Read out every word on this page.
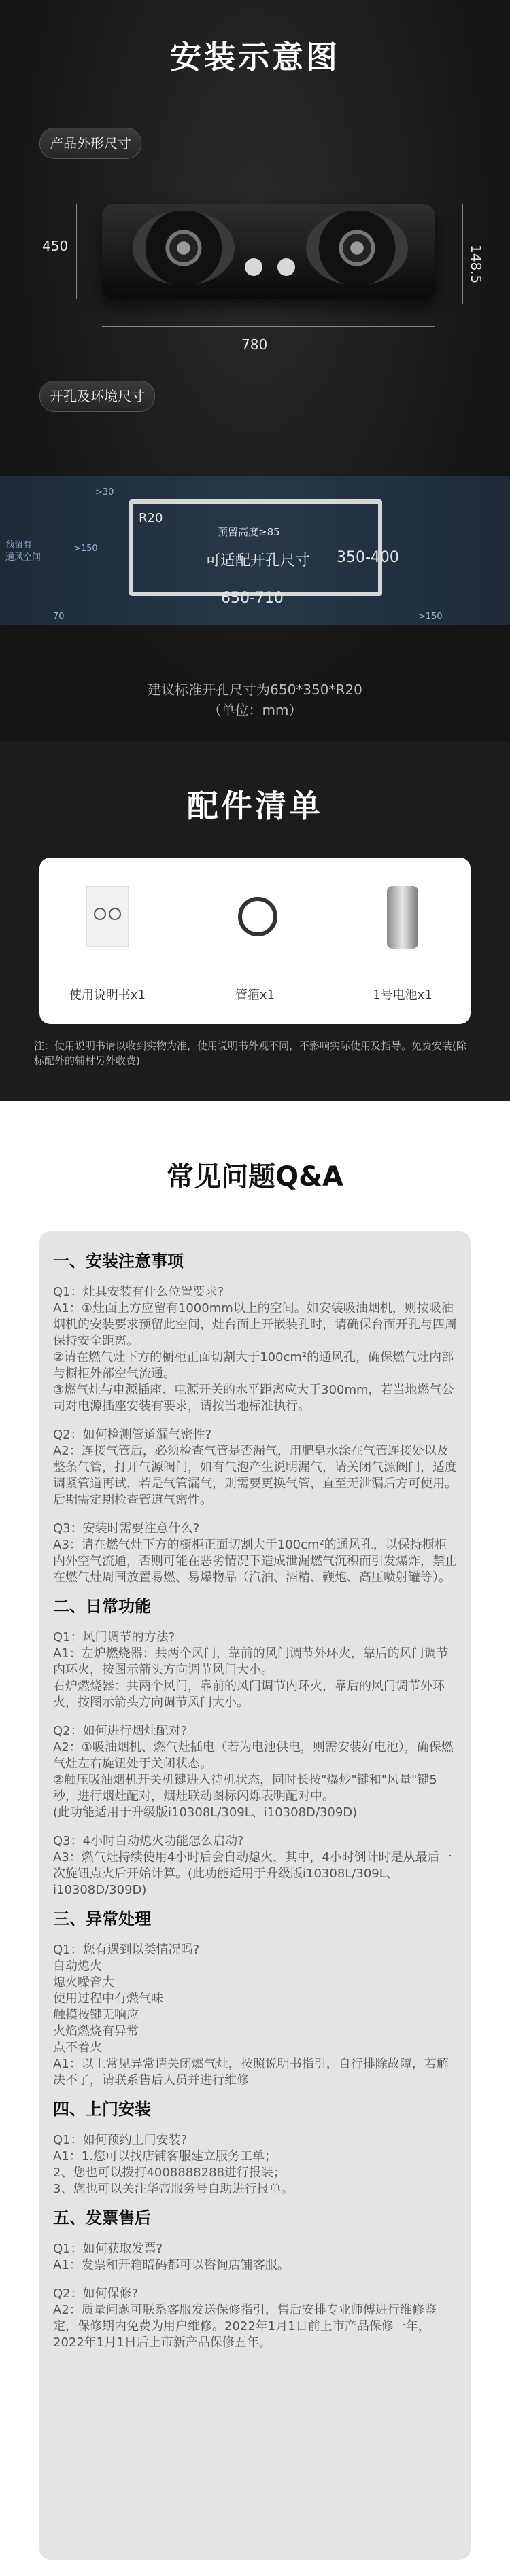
安装示意图
产品外形尺寸
450	148.5
780
开孔及环境尺寸
>30
>150
70
预留有
通风空间
R20
预留高度≥85
可适配开孔尺寸 350-400
650-710
>150
建议标准开孔尺寸为650*350*R20
（单位：mm）
配件清单
使用说明书x1	管箍x1	1号电池x1
注：使用说明书请以收到实物为准，使用说明书外观不同，不影响实际使用及指导。免费安装(除标配外的辅材另外收费)
常见问题Q&A
一、安装注意事项
Q1：灶具安装有什么位置要求?
A1：①灶面上方应留有1000mm以上的空间。如安装吸油烟机，则按吸油烟机的安装要求预留此空间，灶台面上开嵌装孔时，请确保台面开孔与四周保持安全距离。
②请在燃气灶下方的橱柜正面切割大于100cm²的通风孔，确保燃气灶内部与橱柜外部空气流通。
③燃气灶与电源插座、电源开关的水平距离应大于300mm，若当地燃气公司对电源插座安装有要求，请按当地标准执行。
Q2：如何检测管道漏气密性?
A2：连接气管后，必须检查气管是否漏气，用肥皂水涂在气管连接处以及整条气管，打开气源阀门，如有气泡产生说明漏气，请关闭气源阀门，适度调紧管道再试，若是气管漏气，则需要更换气管，直至无泄漏后方可使用。后期需定期检查管道气密性。
Q3：安装时需要注意什么?
A3：请在燃气灶下方的橱柜正面切割大于100cm²的通风孔，以保持橱柜内外空气流通，否则可能在恶劣情况下造成泄漏燃气沉积而引发爆炸，禁止在燃气灶周围放置易燃、易爆物品（汽油、酒精、鞭炮、高压喷射罐等）。
二、日常功能
Q1：风门调节的方法?
A1：左炉燃烧器：共两个风门，靠前的风门调节外环火，靠后的风门调节内环火，按图示箭头方向调节风门大小。
右炉燃烧器：共两个风门，靠前的风门调节内环火，靠后的风门调节外环火，按图示箭头方向调节风门大小。
Q2：如何进行烟灶配对?
A2：①吸油烟机、燃气灶插电（若为电池供电，则需安装好电池），确保燃气灶左右旋钮处于关闭状态。
②触压吸油烟机开关机键进入待机状态，同时长按"爆炒"键和"风量"键5秒，进行烟灶配对，烟灶联动图标闪烁表明配对中。
(此功能适用于升级版i10308L/309L、i10308D/309D)
Q3：4小时自动熄火功能怎么启动?
A3：燃气灶持续使用4小时后会自动熄火，其中，4小时倒计时是从最后一次旋钮点火后开始计算。(此功能适用于升级版i10308L/309L、i10308D/309D)
三、异常处理
Q1：您有遇到以类情况吗?
自动熄火
熄火噪音大
使用过程中有燃气味
触摸按键无响应
火焰燃烧有异常
点不着火
A1：以上常见异常请关闭燃气灶，按照说明书指引，自行排除故障，若解决不了，请联系售后人员并进行维修
四、上门安装
Q1：如何预约上门安装?
A1：1.您可以找店铺客服建立服务工单；
2、您也可以拨打4008888288进行报装；
3、您也可以关注华帝服务号自助进行报单。
五、发票售后
Q1：如何获取发票?
A1：发票和开箱暗码都可以咨询店铺客服。
Q2：如何保修?
A2：质量问题可联系客服发送保修指引，售后安排专业师傅进行维修鉴定，保修期内免费为用户维修。2022年1月1日前上市产品保修一年，2022年1月1日后上市新产品保修五年。
